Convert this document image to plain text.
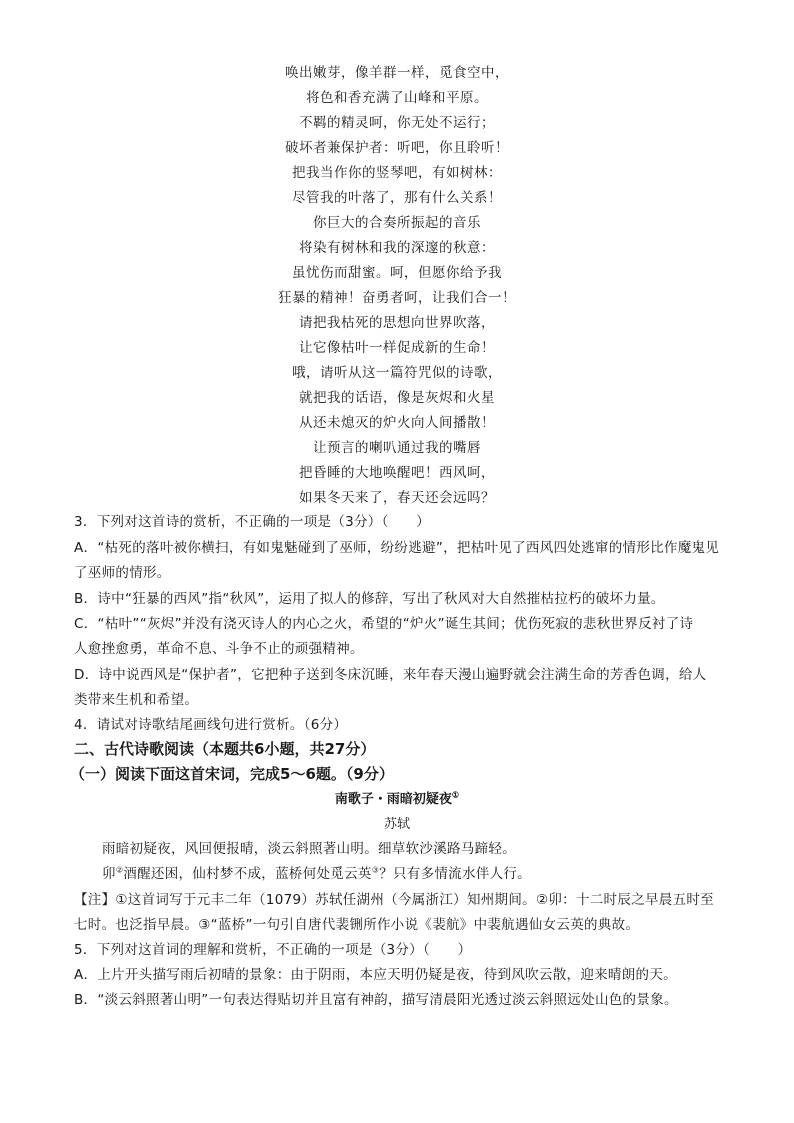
唤出嫩芽，像羊群一样，觅食空中，
将色和香充满了山峰和平原。
不羁的精灵呵，你无处不运行；
破坏者兼保护者：听吧，你且聆听！
把我当作你的竖琴吧，有如树林：
尽管我的叶落了，那有什么关系！
你巨大的合奏所振起的音乐
将染有树林和我的深邃的秋意：
虽忧伤而甜蜜。呵，但愿你给予我
狂暴的精神！奋勇者呵，让我们合一！
请把我枯死的思想向世界吹落，
让它像枯叶一样促成新的生命！
哦，请听从这一篇符咒似的诗歌，
就把我的话语，像是灰烬和火星
从还未熄灭的炉火向人间播散！
让预言的喇叭通过我的嘴唇
把昏睡的大地唤醒吧！西风呵，
如果冬天来了，春天还会远吗？
3．下列对这首诗的赏析，不正确的一项是（3分）（　　）
A．“枯死的落叶被你横扫，有如鬼魅碰到了巫师，纷纷逃避”，把枯叶见了西风四处逃窜的情形比作魔鬼见
了巫师的情形。
B．诗中“狂暴的西风”指“秋风”，运用了拟人的修辞，写出了秋风对大自然摧枯拉朽的破坏力量。
C．“枯叶”“灰烬”并没有浇灭诗人的内心之火，希望的“炉火”诞生其间；优伤死寂的悲秋世界反衬了诗
人愈挫愈勇，革命不息、斗争不止的顽强精神。
D．诗中说西风是“保护者”，它把种子送到冬床沉睡，来年春天漫山遍野就会注满生命的芳香色调，给人
类带来生机和希望。
4．请试对诗歌结尾画线句进行赏析。（6分）
二、古代诗歌阅读（本题共6小题，共27分）
（一）阅读下面这首宋词，完成5～6题。（9分）
南歌子・雨暗初疑夜①
苏轼
雨暗初疑夜，风回便报晴，淡云斜照著山明。细草软沙溪路马蹄轻。
卯②酒醒还困，仙村梦不成，蓝桥何处觅云英③？只有多情流水伴人行。
【注】①这首词写于元丰二年（1079）苏轼任湖州（今属浙江）知州期间。②卯：十二时辰之早晨五时至
七时。也泛指早晨。③“蓝桥”一句引自唐代裴铏所作小说《裴航》中裴航遇仙女云英的典故。
5．下列对这首词的理解和赏析，不正确的一项是（3分）（　　）
A．上片开头描写雨后初晴的景象：由于阴雨，本应天明仍疑是夜，待到风吹云散，迎来晴朗的天。
B．“淡云斜照著山明”一句表达得贴切并且富有神韵，描写清晨阳光透过淡云斜照远处山色的景象。
